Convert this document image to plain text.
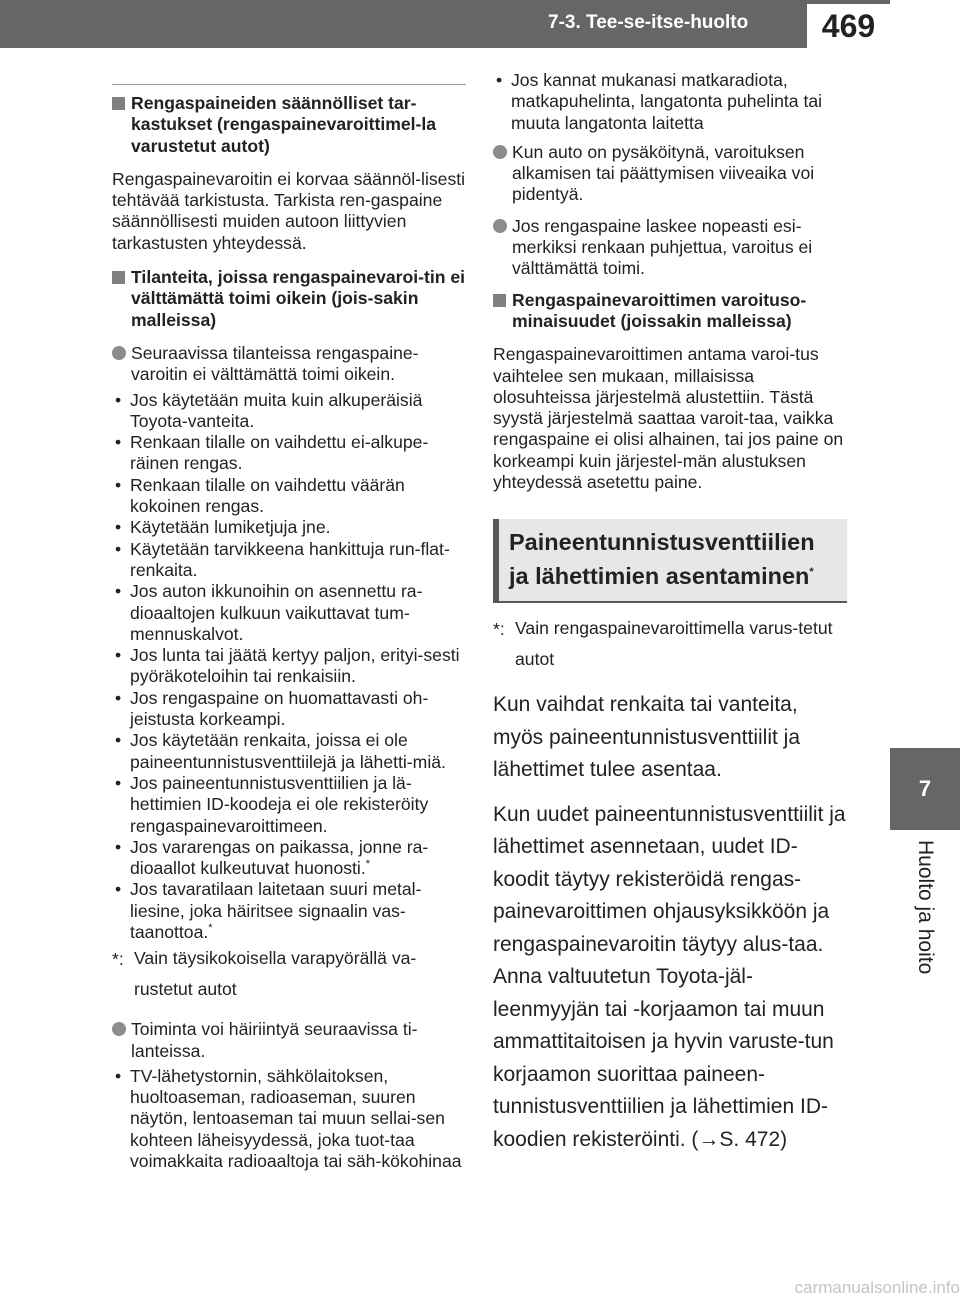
7-3. Tee-se-itse-huolto	469
7
Huolto ja hoito
Rengaspaineiden säännölliset tar-kastukset (rengaspainevaroittimel-la varustetut autot)

Rengaspainevaroitin ei korvaa säännöl-lisesti tehtävää tarkistusta. Tarkista ren-gaspaine säännöllisesti muiden autoon liittyvien tarkastusten yhteydessä.

Tilanteita, joissa rengaspainevaroi-tin ei välttämättä toimi oikein (jois-sakin malleissa)
Seuraavissa tilanteissa rengaspaine-varoitin ei välttämättä toimi oikein.
• Jos käytetään muita kuin alkuperäisiä Toyota-vanteita.
• Renkaan tilalle on vaihdettu ei-alkupe-räinen rengas.
• Renkaan tilalle on vaihdettu väärän kokoinen rengas.
• Käytetään lumiketjuja jne.
• Käytetään tarvikkeena hankittuja run-flat-renkaita.
• Jos auton ikkunoihin on asennettu ra-dioaaltojen kulkuun vaikuttavat tum-mennuskalvot.
• Jos lunta tai jäätä kertyy paljon, erityi-sesti pyöräkoteloihin tai renkaisiin.
• Jos rengaspaine on huomattavasti oh-jeistusta korkeampi.
• Jos käytetään renkaita, joissa ei ole paineentunnistusventtiilejä ja lähetti-miä.
• Jos paineentunnistusventtiilien ja lä-hettimien ID-koodeja ei ole rekisteröity rengaspainevaroittimeen.
• Jos vararengas on paikassa, jonne ra-dioaallot kulkeutuvat huonosti.*
• Jos tavaratilaan laitetaan suuri metal-liesine, joka häiritsee signaalin vas-taanottoa.*
*: Vain täysikokoisella varapyörällä va-rustetut autot
Toiminta voi häiriintyä seuraavissa ti-lanteissa.
• TV-lähetystornin, sähkölaitoksen, huoltoaseman, radioaseman, suuren näytön, lentoaseman tai muun sellai-sen kohteen läheisyydessä, joka tuot-taa voimakkaita radioaaltoja tai säh-kökohinaa
• Jos kannat mukanasi matkaradiota, matkapuhelinta, langatonta puhelinta tai muuta langatonta laitetta
Kun auto on pysäköitynä, varoituksen alkamisen tai päättymisen viiveaika voi pidentyä.
Jos rengaspaine laskee nopeasti esi-merkiksi renkaan puhjettua, varoitus ei välttämättä toimi.
Rengaspainevaroittimen varoituso-minaisuudet (joissakin malleissa)

Rengaspainevaroittimen antama varoi-tus vaihtelee sen mukaan, millaisissa olosuhteissa järjestelmä alustettiin. Tästä syystä järjestelmä saattaa varoit-taa, vaikka rengaspaine ei olisi alhainen, tai jos paine on korkeampi kuin järjestel-män alustuksen yhteydessä asetettu paine.

Paineentunnistusventtiilien ja lähettimien asentaminen*
*: Vain rengaspainevaroittimella varus-tetut autot

Kun vaihdat renkaita tai vanteita, myös paineentunnistusventtiilit ja lähettimet tulee asentaa.

Kun uudet paineentunnistusventtiilit ja lähettimet asennetaan, uudet ID-koodit täytyy rekisteröidä rengas-painevaroittimen ohjausyksikköön ja rengaspainevaroitin täytyy alus-taa. Anna valtuutetun Toyota-jäl-leenmyyjän tai -korjaamon tai muun ammattitaitoisen ja hyvin varuste-tun korjaamon suorittaa paineen-tunnistusventtiilien ja lähettimien ID-koodien rekisteröinti. (→S. 472)

carmanualsonline.info
